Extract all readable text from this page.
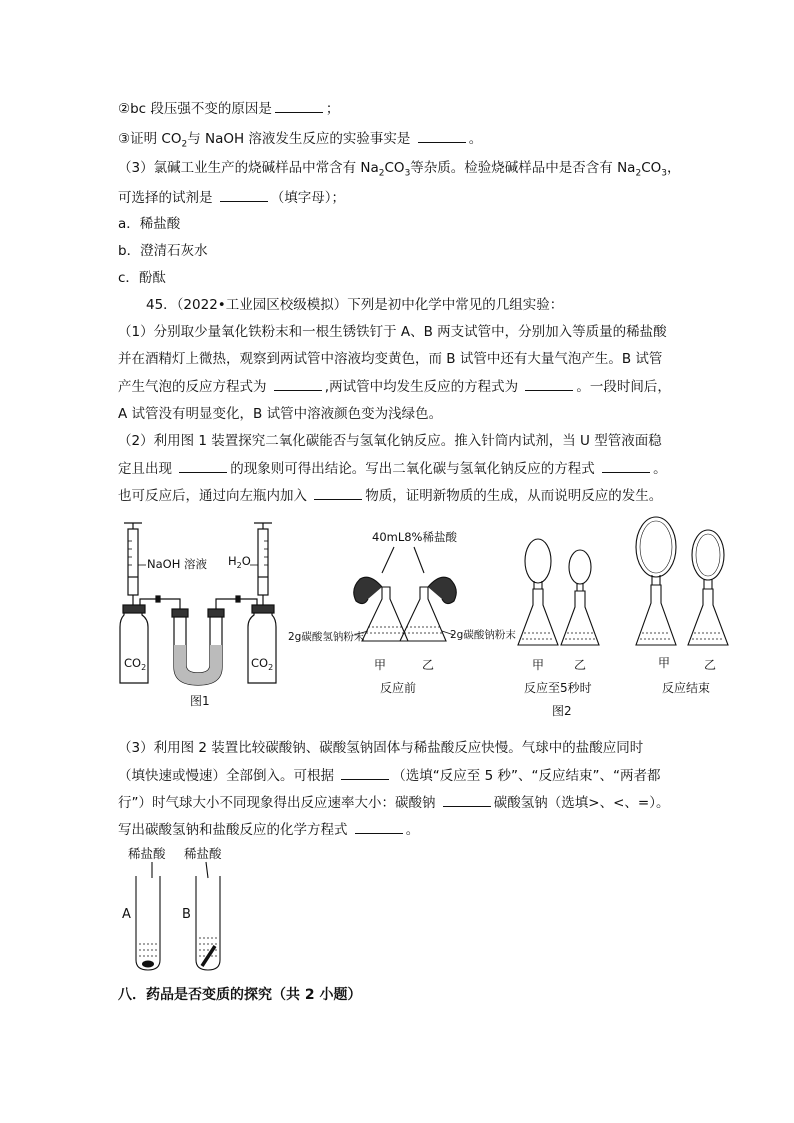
②bc 段压强不变的原因是	；
③证明 $CO_2$与 NaOH 溶液发生反应的实验事实是	。
（3）氯碱工业生产的烧碱样品中常含有 $Na_2CO_3$等杂质。检验烧碱样品中是否含有 $Na_2CO_3$，
可选择的试剂是	（填字母）；
a．稀盐酸
b．澄清石灰水
c．酚酞
45．（2022•工业园区校级模拟）下列是初中化学中常见的几组实验：
（1）分别取少量氧化铁粉末和一根生锈铁钉于 A、B 两支试管中，分别加入等质量的稀盐酸
并在酒精灯上微热，观察到两试管中溶液均变黄色，而 B 试管中还有大量气泡产生。B 试管
产生气泡的反应方程式为	,两试管中均发生反应的方程式为	。一段时间后，
A 试管没有明显变化，B 试管中溶液颜色变为浅绿色。
（2）利用图 1 装置探究二氧化碳能否与氢氧化钠反应。推入针筒内试剂，当 U 型管液面稳
定且出现	的现象则可得出结论。写出二氧化碳与氢氧化钠反应的方程式	。
也可反应后，通过向左瓶内加入	物质，证明新物质的生成，从而说明反应的发生。
NaOH 溶液 $H_2O$
$CO_2$	$CO_2$
图1
40mL8%稀盐酸
2g碳酸氢钠粉末	2g碳酸钠粉末
甲	乙
反应前
甲 乙
反应至5秒时
甲	乙
反应结束
图2
（3）利用图 2 装置比较碳酸钠、碳酸氢钠固体与稀盐酸反应快慢。气球中的盐酸应同时
（填快速或慢速）全部倒入。可根据	（选填“反应至 5 秒”、“反应结束”、“两者都
行”）时气球大小不同现象得出反应速率大小：碳酸钠	碳酸氢钠（选填>、<、=）。
写出碳酸氢钠和盐酸反应的化学方程式	。
稀盐酸 稀盐酸
A	B
八．药品是否变质的探究（共 2 小题）
